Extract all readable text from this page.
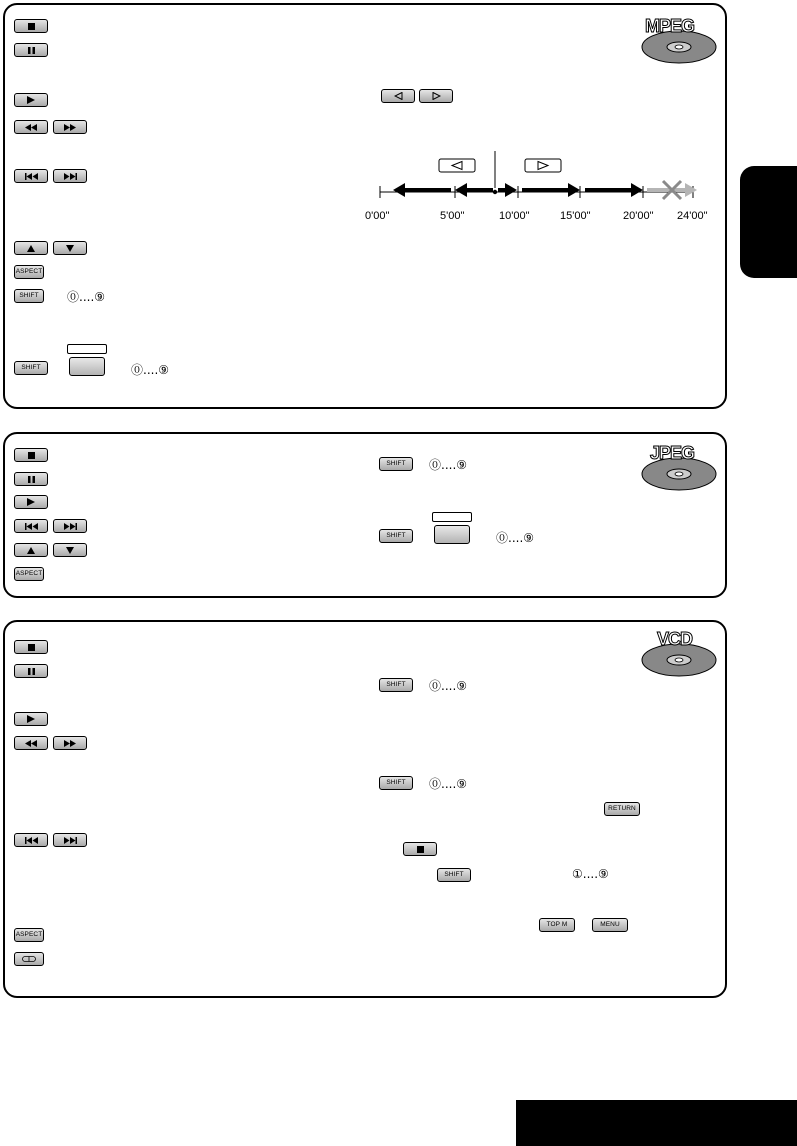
MPEG
ASPECT
SHIFT	⓪....⑨
SHIFT	⓪....⑨
0'00"	5'00"	10'00"	15'00"	20'00" 24'00"
JPEG
ASPECT
SHIFT	⓪....⑨
SHIFT	⓪....⑨
VCD
ASPECT
SHIFT	⓪....⑨
SHIFT	⓪....⑨
RETURN
SHIFT	①....⑨
TOP M	MENU
